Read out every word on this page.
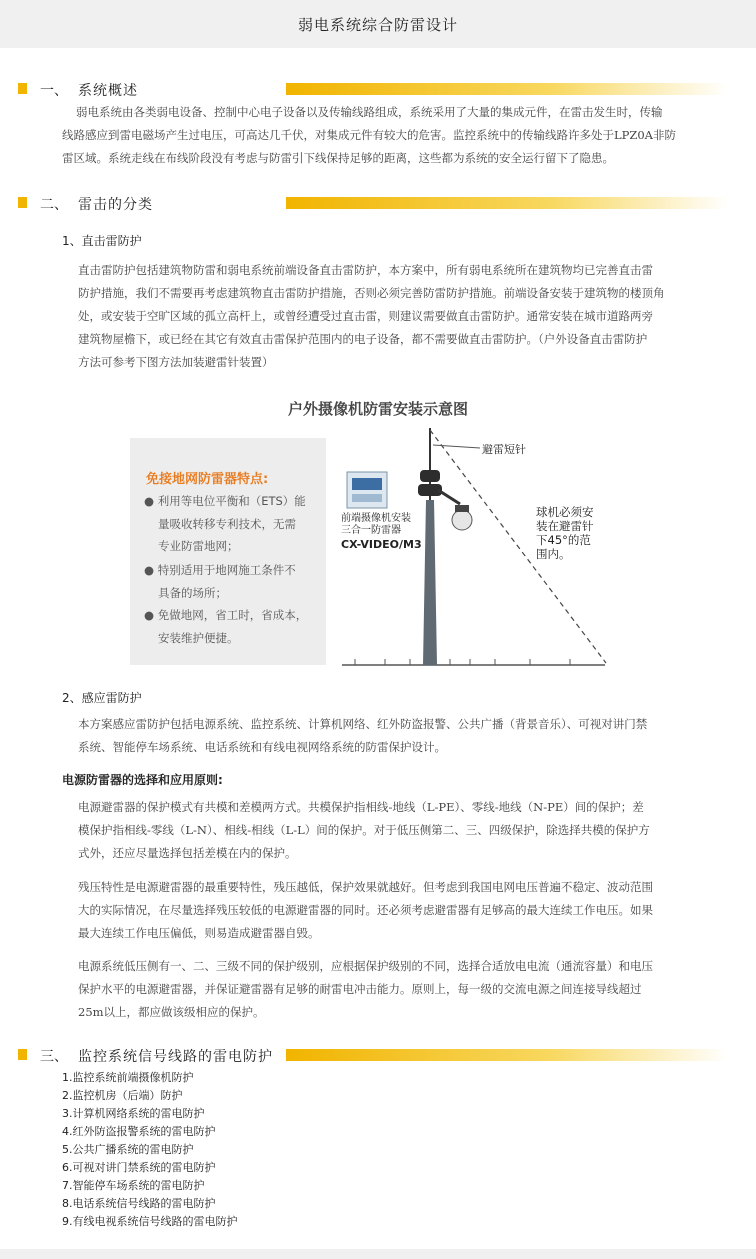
弱电系统综合防雷设计
一、 系统概述
弱电系统由各类弱电设备、控制中心电子设备以及传输线路组成，系统采用了大量的集成元件，在雷击发生时，传输
线路感应到雷电磁场产生过电压，可高达几千伏，对集成元件有较大的危害。监控系统中的传输线路许多处于LPZ0A非防
雷区域。系统走线在布线阶段没有考虑与防雷引下线保持足够的距离，这些都为系统的安全运行留下了隐患。
二、 雷击的分类
1、直击雷防护
直击雷防护包括建筑物防雷和弱电系统前端设备直击雷防护，本方案中，所有弱电系统所在建筑物均已完善直击雷
防护措施，我们不需要再考虑建筑物直击雷防护措施，否则必须完善防雷防护措施。前端设备安装于建筑物的楼顶角
处，或安装于空旷区域的孤立高杆上，或曾经遭受过直击雷，则建议需要做直击雷防护。通常安装在城市道路两旁
建筑物屋檐下，或已经在其它有效直击雷保护范围内的电子设备，都不需要做直击雷防护。（户外设备直击雷防护
方法可参考下图方法加装避雷针装置）
户外摄像机防雷安装示意图
免接地网防雷器特点:
● 利用等电位平衡和（ETS）能
量吸收转移专利技术，无需
专业防雷地网；
● 特别适用于地网施工条件不
具备的场所；
● 免做地网，省工时，省成本，
安装维护便捷。
避雷短针
前端摄像机安装
三合一防雷器
CX-VIDEO/M3
球机必须安
装在避雷针
下45°的范
围内。
2、感应雷防护
本方案感应雷防护包括电源系统、监控系统、计算机网络、红外防盗报警、公共广播（背景音乐）、可视对讲门禁
系统、智能停车场系统、电话系统和有线电视网络系统的防雷保护设计。
电源防雷器的选择和应用原则:
电源避雷器的保护模式有共模和差模两方式。共模保护指相线-地线（L-PE）、零线-地线（N-PE）间的保护；差
模保护指相线-零线（L-N）、相线-相线（L-L）间的保护。对于低压侧第二、三、四级保护，除选择共模的保护方
式外，还应尽量选择包括差模在内的保护。
残压特性是电源避雷器的最重要特性，残压越低，保护效果就越好。但考虑到我国电网电压普遍不稳定、波动范围
大的实际情况，在尽量选择残压较低的电源避雷器的同时。还必须考虑避雷器有足够高的最大连续工作电压。如果
最大连续工作电压偏低，则易造成避雷器自毁。
电源系统低压侧有一、二、三级不同的保护级别，应根据保护级别的不同，选择合适放电电流（通流容量）和电压
保护水平的电源避雷器，并保证避雷器有足够的耐雷电冲击能力。原则上，每一级的交流电源之间连接导线超过
25m以上，都应做该级相应的保护。
三、 监控系统信号线路的雷电防护
1.监控系统前端摄像机防护
2.监控机房（后端）防护
3.计算机网络系统的雷电防护
4.红外防盗报警系统的雷电防护
5.公共广播系统的雷电防护
6.可视对讲门禁系统的雷电防护
7.智能停车场系统的雷电防护
8.电话系统信号线路的雷电防护
9.有线电视系统信号线路的雷电防护
